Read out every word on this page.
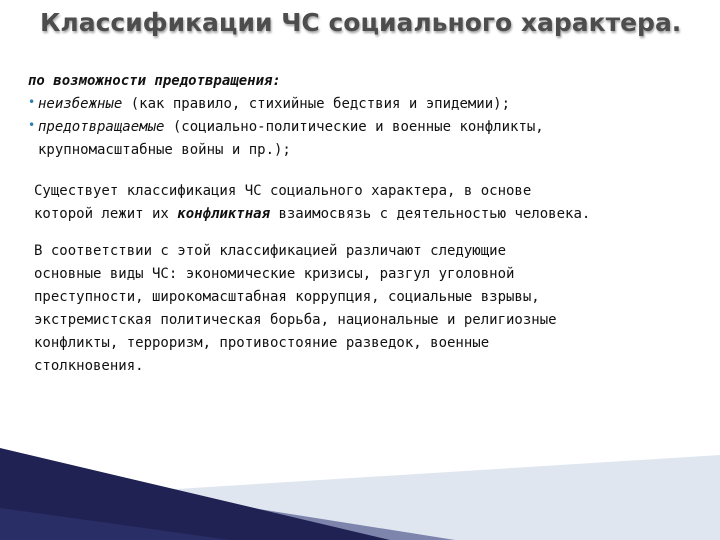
Классификации ЧС социального характера.
по возможности предотвращения:
• неизбежные (как правило, стихийные бедствия и эпидемии);
• предотвращаемые (социально-политические и военные конфликты,
крупномасштабные войны и пр.);
Существует классификация ЧС социального характера, в основе
которой лежит их конфликтная взаимосвязь с деятельностью человека.
В соответствии с этой классификацией различают следующие
основные виды ЧС: экономические кризисы, разгул уголовной
преступности, широкомасштабная коррупция, социальные взрывы,
экстремистская политическая борьба, национальные и религиозные
конфликты, терроризм, противостояние разведок, военные
столкновения.
